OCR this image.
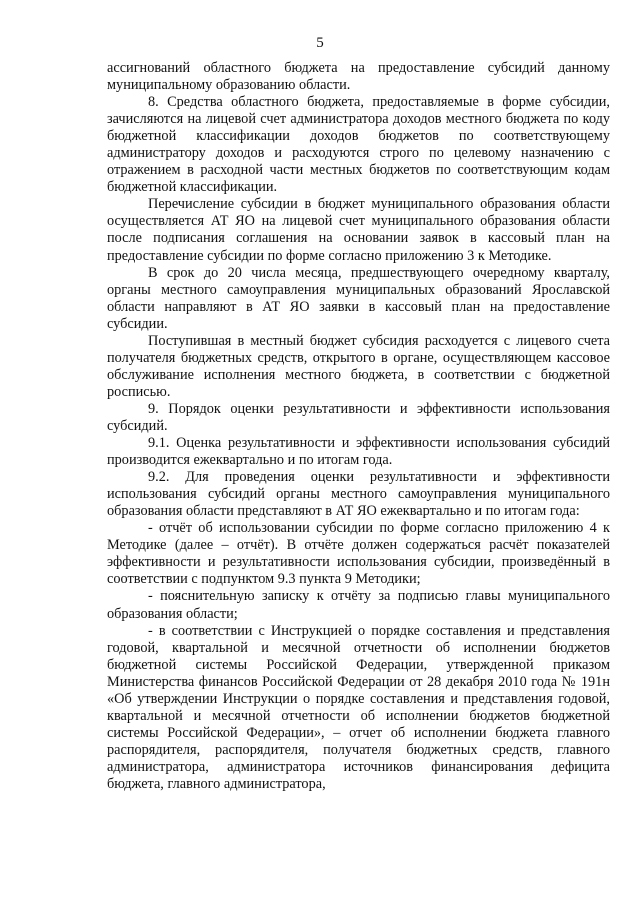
5

ассигнований областного бюджета на предоставление субсидий данному муниципальному образованию области.

8. Средства областного бюджета, предоставляемые в форме субсидии, зачисляются на лицевой счет администратора доходов местного бюджета по коду бюджетной классификации доходов бюджетов по соответствующему администратору доходов и расходуются строго по целевому назначению с отражением в расходной части местных бюджетов по соответствующим кодам бюджетной классификации.

Перечисление субсидии в бюджет муниципального образования области осуществляется АТ ЯО на лицевой счет муниципального образования области после подписания соглашения на основании заявок в кассовый план на предоставление субсидии по форме согласно приложению 3 к Методике.

В срок до 20 числа месяца, предшествующего очередному кварталу, органы местного самоуправления муниципальных образований Ярославской области направляют в АТ ЯО заявки в кассовый план на предоставление субсидии.

Поступившая в местный бюджет субсидия расходуется с лицевого счета получателя бюджетных средств, открытого в органе, осуществляющем кассовое обслуживание исполнения местного бюджета, в соответствии с бюджетной росписью.

9. Порядок оценки результативности и эффективности использования субсидий.

9.1. Оценка результативности и эффективности использования субсидий производится ежеквартально и по итогам года.

9.2. Для проведения оценки результативности и эффективности использования субсидий органы местного самоуправления муниципального образования области представляют в АТ ЯО ежеквартально и по итогам года:

- отчёт об использовании субсидии по форме согласно приложению 4 к Методике (далее – отчёт). В отчёте должен содержаться расчёт показателей эффективности и результативности использования субсидии, произведённый в соответствии с подпунктом 9.3 пункта 9 Методики;

- пояснительную записку к отчёту за подписью главы муниципального образования области;

- в соответствии с Инструкцией о порядке составления и представления годовой, квартальной и месячной отчетности об исполнении бюджетов бюджетной системы Российской Федерации, утвержденной приказом Министерства финансов Российской Федерации от 28 декабря 2010 года № 191н «Об утверждении Инструкции о порядке составления и представления годовой, квартальной и месячной отчетности об исполнении бюджетов бюджетной системы Российской Федерации», – отчет об исполнении бюджета главного распорядителя, распорядителя, получателя бюджетных средств, главного администратора, администратора источников финансирования дефицита бюджета, главного администратора,
